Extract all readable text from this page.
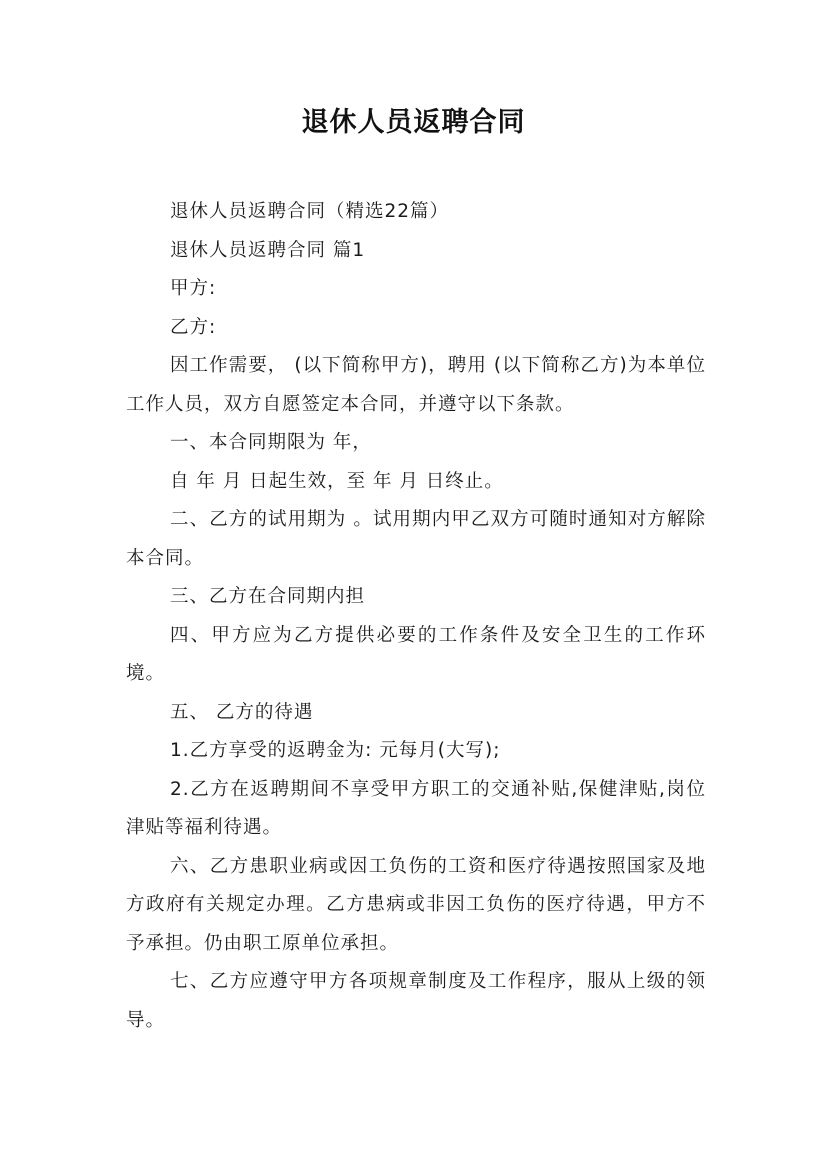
退休人员返聘合同

退休人员返聘合同（精选22篇）

退休人员返聘合同 篇1

甲方:

乙方:

因工作需要， (以下简称甲方)，聘用 (以下简称乙方)为本单位工作人员，双方自愿签定本合同，并遵守以下条款。

一、本合同期限为 年，

自 年 月 日起生效，至 年 月 日终止。

二、乙方的试用期为 。试用期内甲乙双方可随时通知对方解除本合同。

三、乙方在合同期内担

四、甲方应为乙方提供必要的工作条件及安全卫生的工作环境。

五、 乙方的待遇

1.乙方享受的返聘金为: 元每月(大写);

2.乙方在返聘期间不享受甲方职工的交通补贴,保健津贴,岗位津贴等福利待遇。

六、乙方患职业病或因工负伤的工资和医疗待遇按照国家及地方政府有关规定办理。乙方患病或非因工负伤的医疗待遇，甲方不予承担。仍由职工原单位承担。

七、乙方应遵守甲方各项规章制度及工作程序，服从上级的领导。
